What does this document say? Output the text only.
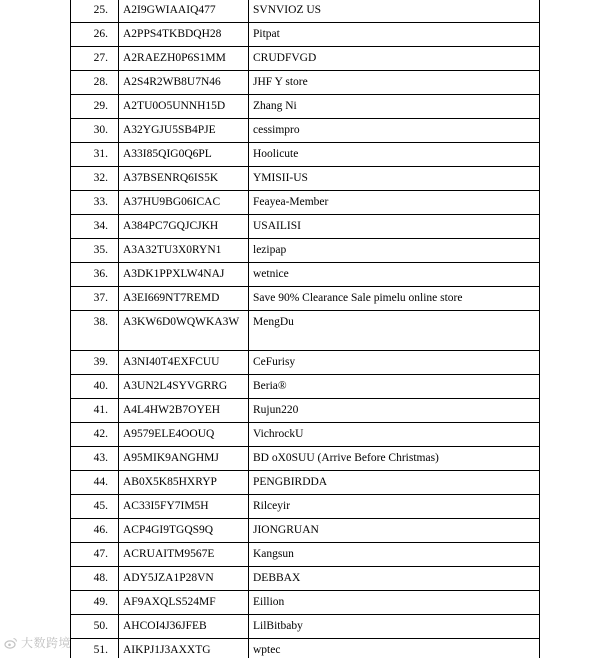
25.	A2I9GWIAAIQ477	SVNVIOZ US
26.	A2PPS4TKBDQH28	Pitpat
27.	A2RAEZH0P6S1MM	CRUDFVGD
28.	A2S4R2WB8U7N46	JHF Y store
29.	A2TU0O5UNNH15D	Zhang Ni
30.	A32YGJU5SB4PJE	cessimpro
31.	A33I85QIG0Q6PL	Hoolicute
32.	A37BSENRQ6IS5K	YMISII-US
33.	A37HU9BG06ICAC	Feayea-Member
34.	A384PC7GQJCJKH	USAILISI
35.	A3A32TU3X0RYN1	lezipap
36.	A3DK1PPXLW4NAJ	wetnice
37.	A3EI669NT7REMD	Save 90% Clearance Sale pimelu online store
38.	A3KW6D0WQWKA3W	MengDu
39.	A3NI40T4EXFCUU	CeFurisy
40.	A3UN2L4SYVGRRG	Beria®
41.	A4L4HW2B7OYEH	Rujun220
42.	A9579ELE4OOUQ	VichrockU
43.	A95MIK9ANGHMJ	BD oX0SUU (Arrive Before Christmas)
44.	AB0X5K85HXRYP	PENGBIRDDA
45.	AC33I5FY7IM5H	Rilceyir
46.	ACP4GI9TGQS9Q	JIONGRUAN
47.	ACRUAITM9567E	Kangsun
48.	ADY5JZA1P28VN	DEBBAX
49.	AF9AXQLS524MF	Eillion
50.	AHCOI4J36JFEB	LilBitbaby
51.	AIKPJ1J3AXXTG	wptec
大数跨境
